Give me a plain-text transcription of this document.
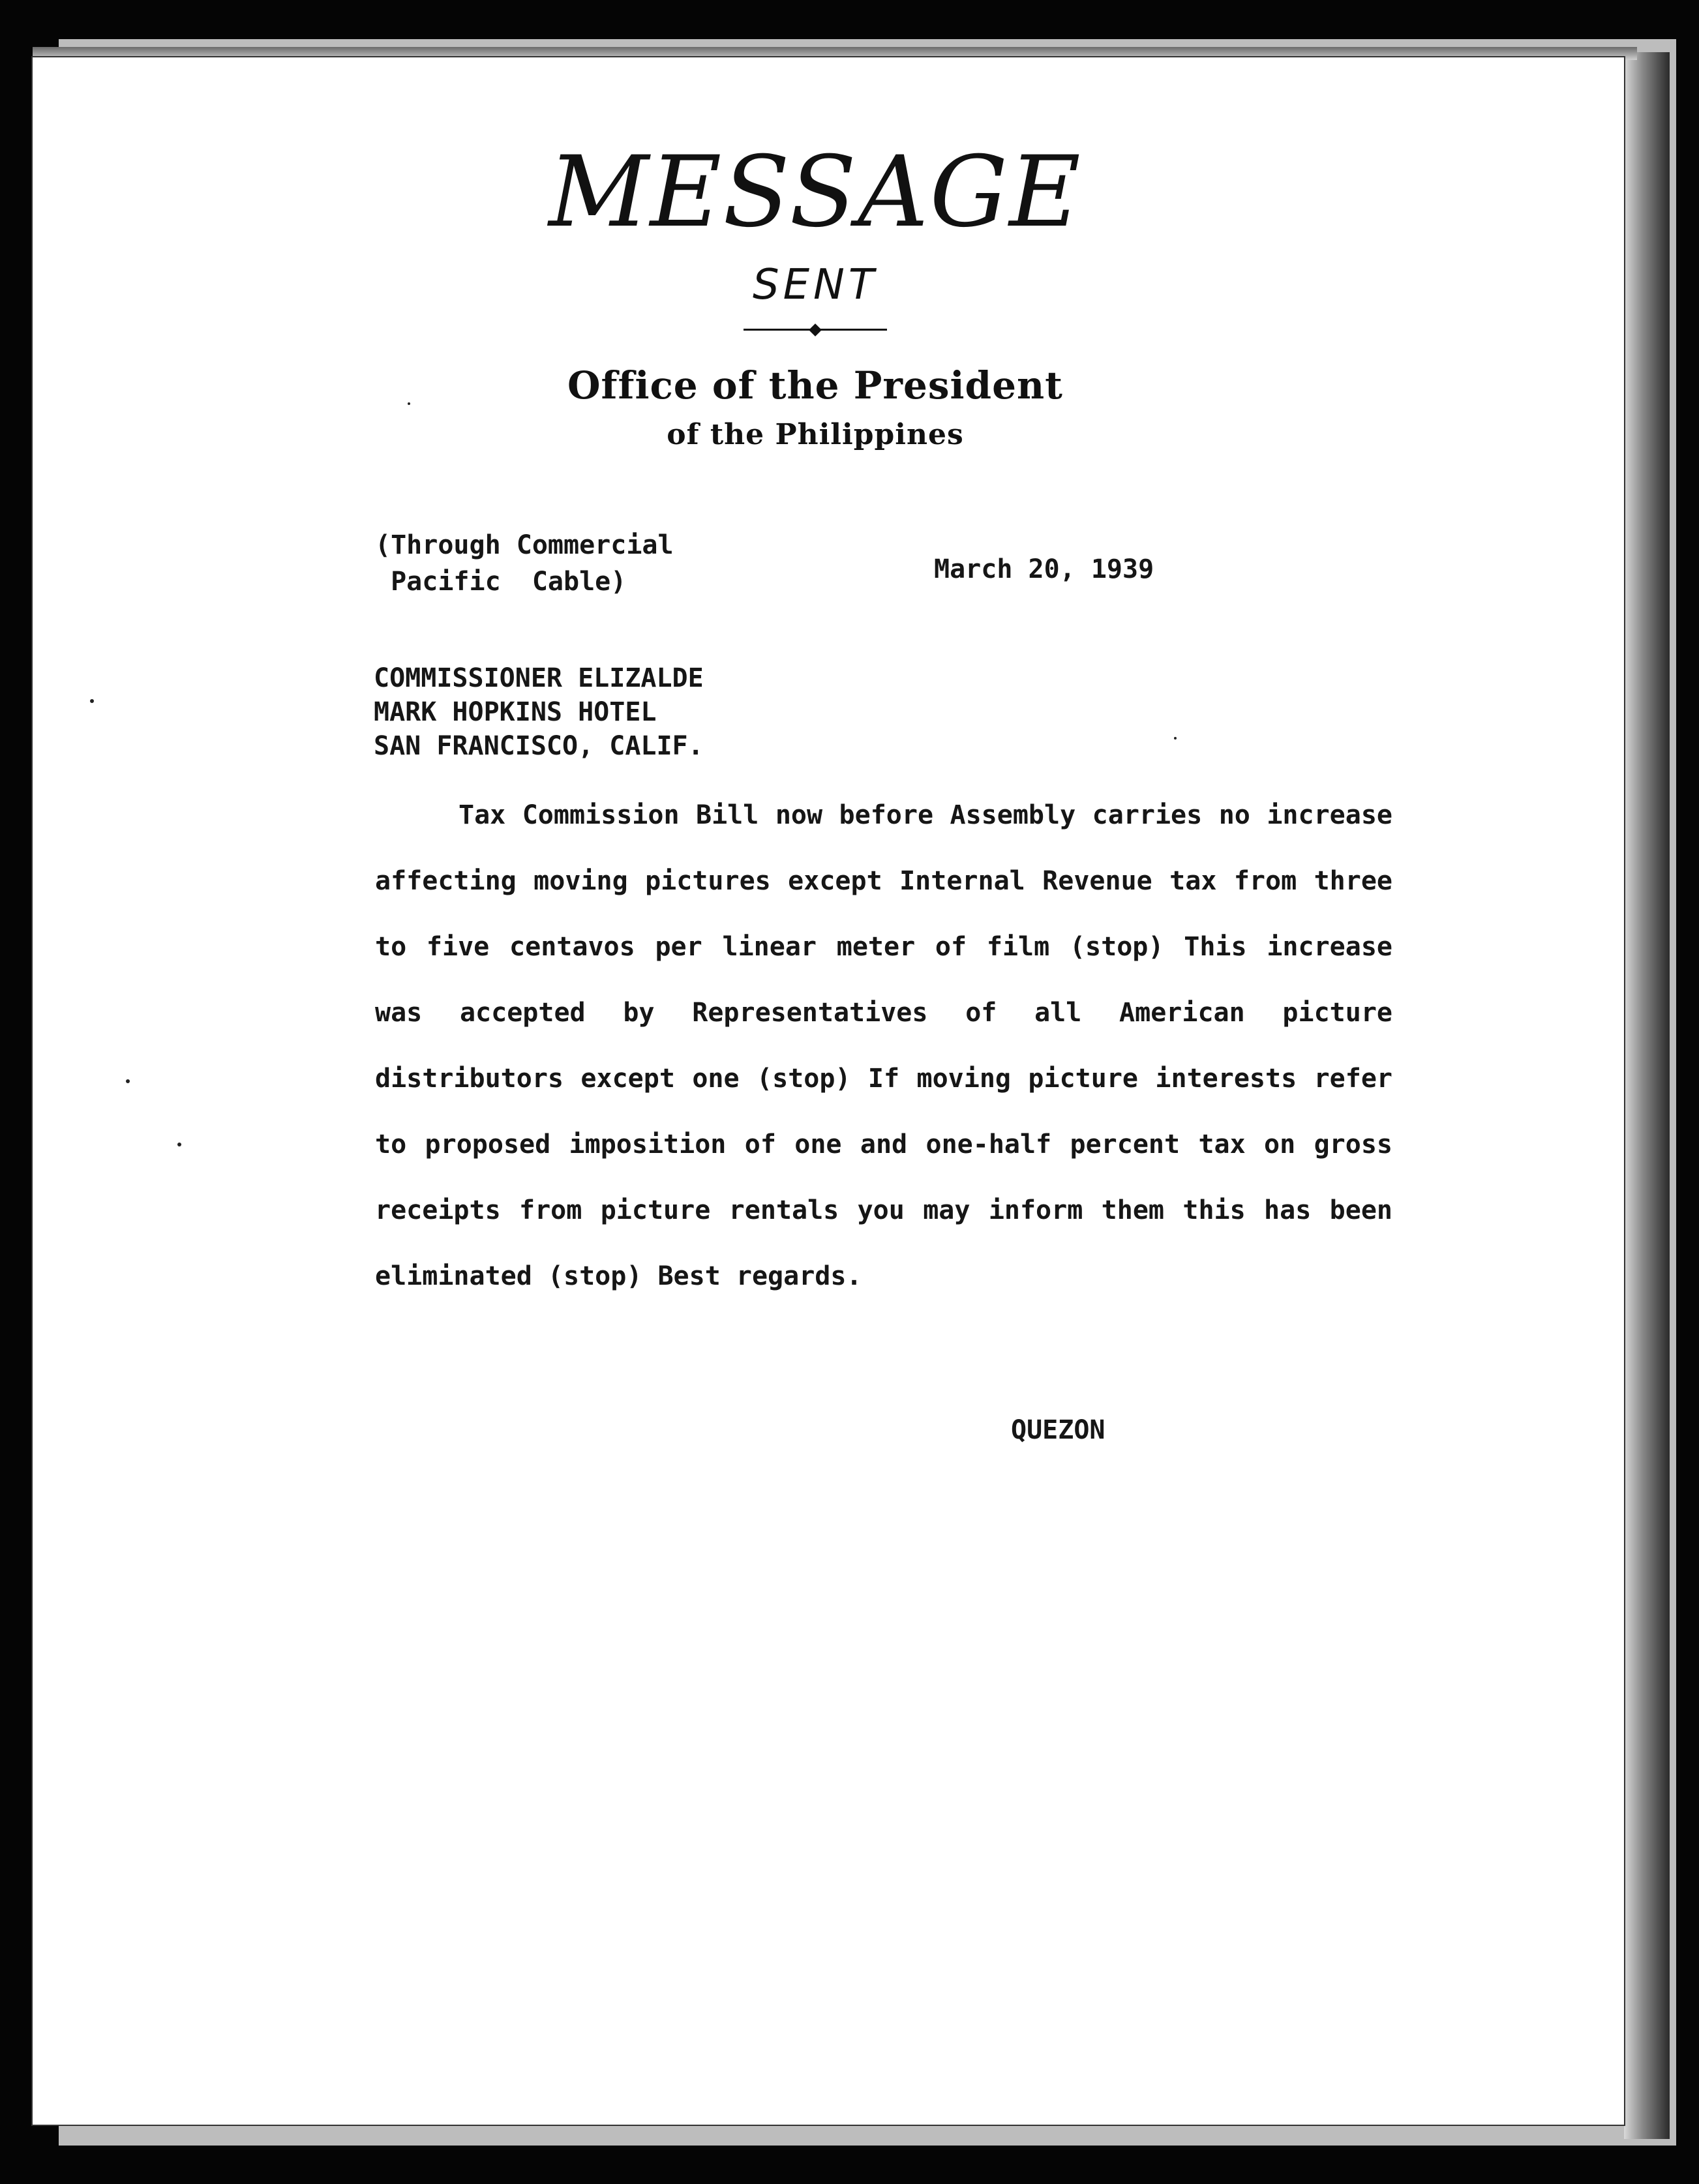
MESSAGE
SENT
Office of the President
of the Philippines
(Through Commercial
Pacific  Cable)	March 20, 1939
COMMISSIONER ELIZALDE
MARK HOPKINS HOTEL
SAN FRANCISCO, CALIF.
Tax Commission Bill now before Assembly carries no increase affecting moving pictures except Internal Revenue tax from three to five centavos per linear meter of film (stop) This increase was accepted by Representatives of all American picture distributors except one (stop) If moving picture interests refer to proposed imposition of one and one-half percent tax on gross receipts from picture rentals you may inform them this has been eliminated (stop) Best regards.
QUEZON
